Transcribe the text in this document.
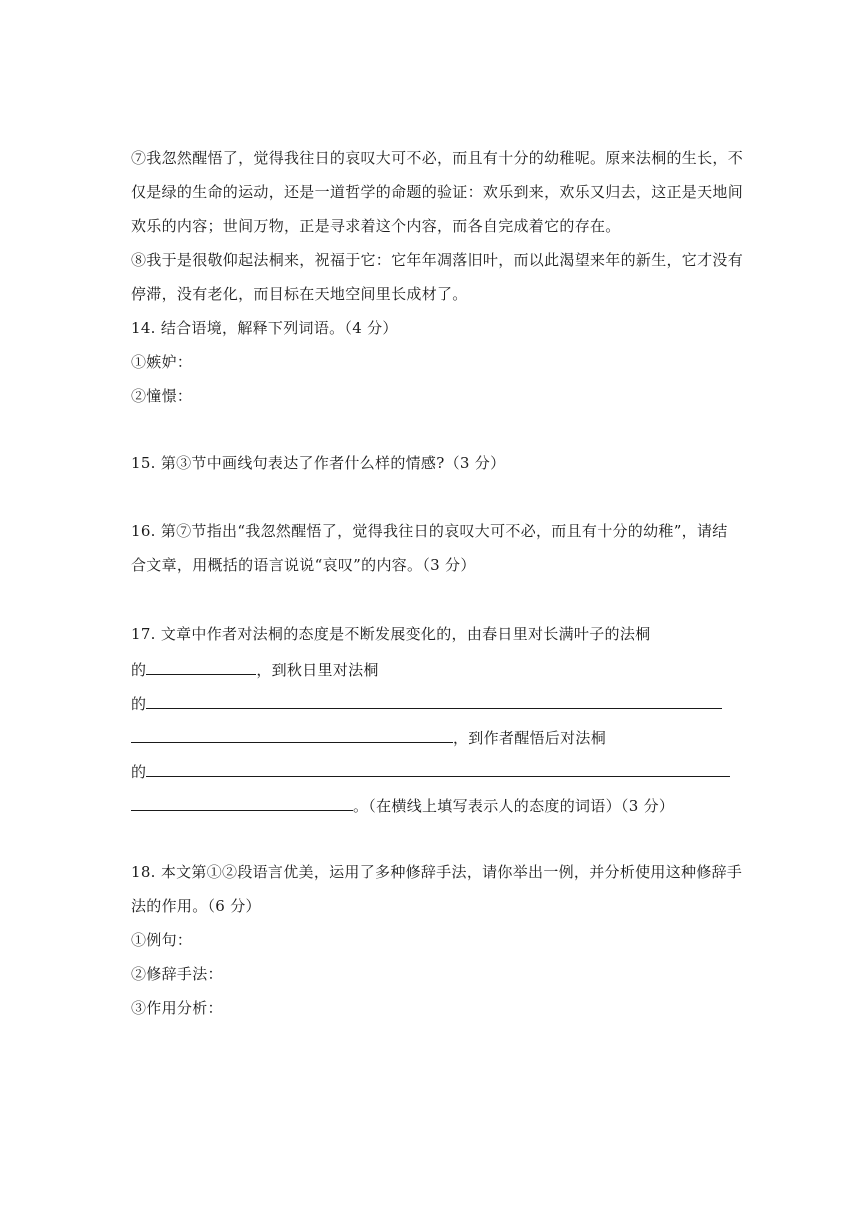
⑦我忽然醒悟了，觉得我往日的哀叹大可不必，而且有十分的幼稚呢。原来法桐的生长，不
仅是绿的生命的运动，还是一道哲学的命题的验证：欢乐到来，欢乐又归去，这正是天地间
欢乐的内容；世间万物，正是寻求着这个内容，而各自完成着它的存在。
⑧我于是很敬仰起法桐来，祝福于它：它年年凋落旧叶，而以此渴望来年的新生，它才没有
停滞，没有老化，而目标在天地空间里长成材了。
14. 结合语境，解释下列词语。（4 分）
①嫉妒：
②憧憬：
15. 第③节中画线句表达了作者什么样的情感?（3 分）
16. 第⑦节指出“我忽然醒悟了，觉得我往日的哀叹大可不必，而且有十分的幼稚”，请结
合文章，用概括的语言说说“哀叹”的内容。（3 分）
17. 文章中作者对法桐的态度是不断发展变化的，由春日里对长满叶子的法桐
的	，到秋日里对法桐
的
，到作者醒悟后对法桐
的
。（在横线上填写表示人的态度的词语）（3 分）
18. 本文第①②段语言优美，运用了多种修辞手法，请你举出一例，并分析使用这种修辞手
法的作用。（6 分）
①例句：
②修辞手法：
③作用分析：
